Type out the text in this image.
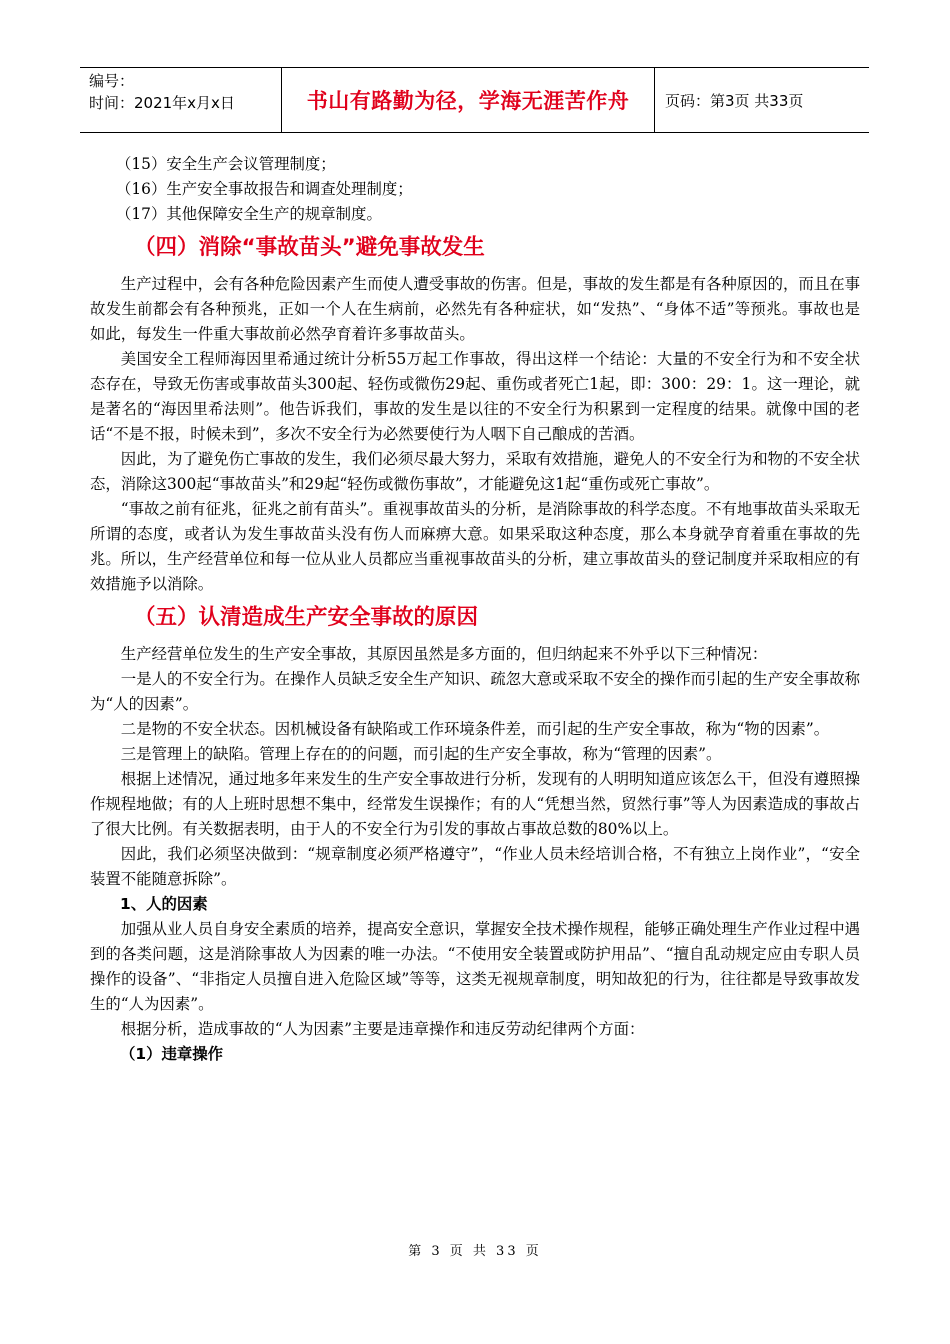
编号：
时间：2021年x月x日	书山有路勤为径，学海无涯苦作舟	页码：第3页 共33页

（15）安全生产会议管理制度；

（16）生产安全事故报告和调查处理制度；

（17）其他保障安全生产的规章制度。

（四）消除“事故苗头”避免事故发生

生产过程中，会有各种危险因素产生而使人遭受事故的伤害。但是，事故的发生都是有各种原因的，而且在事故发生前都会有各种预兆，正如一个人在生病前，必然先有各种症状，如“发热”、“身体不适”等预兆。事故也是如此，每发生一件重大事故前必然孕育着许多事故苗头。

美国安全工程师海因里希通过统计分析55万起工作事故，得出这样一个结论：大量的不安全行为和不安全状态存在，导致无伤害或事故苗头300起、轻伤或微伤29起、重伤或者死亡1起，即：300：29：1。这一理论，就是著名的“海因里希法则”。他告诉我们，事故的发生是以往的不安全行为积累到一定程度的结果。就像中国的老话“不是不报，时候未到”，多次不安全行为必然要使行为人咽下自己酿成的苦酒。

因此，为了避免伤亡事故的发生，我们必须尽最大努力，采取有效措施，避免人的不安全行为和物的不安全状态，消除这300起“事故苗头”和29起“轻伤或微伤事故”，才能避免这1起“重伤或死亡事故”。

“事故之前有征兆，征兆之前有苗头”。重视事故苗头的分析，是消除事故的科学态度。不有地事故苗头采取无所谓的态度，或者认为发生事故苗头没有伤人而麻痹大意。如果采取这种态度，那么本身就孕育着重在事故的先兆。所以，生产经营单位和每一位从业人员都应当重视事故苗头的分析，建立事故苗头的登记制度并采取相应的有效措施予以消除。

（五）认清造成生产安全事故的原因

生产经营单位发生的生产安全事故，其原因虽然是多方面的，但归纳起来不外乎以下三种情况：

一是人的不安全行为。在操作人员缺乏安全生产知识、疏忽大意或采取不安全的操作而引起的生产安全事故称为“人的因素”。

二是物的不安全状态。因机械设备有缺陷或工作环境条件差，而引起的生产安全事故，称为“物的因素”。

三是管理上的缺陷。管理上存在的的问题，而引起的生产安全事故，称为“管理的因素”。

根据上述情况，通过地多年来发生的生产安全事故进行分析，发现有的人明明知道应该怎么干，但没有遵照操作规程地做；有的人上班时思想不集中，经常发生误操作；有的人“凭想当然，贸然行事”等人为因素造成的事故占了很大比例。有关数据表明，由于人的不安全行为引发的事故占事故总数的80%以上。

因此，我们必须坚决做到：“规章制度必须严格遵守”，“作业人员未经培训合格，不有独立上岗作业”，“安全装置不能随意拆除”。

1、人的因素

加强从业人员自身安全素质的培养，提高安全意识，掌握安全技术操作规程，能够正确处理生产作业过程中遇到的各类问题，这是消除事故人为因素的唯一办法。“不使用安全装置或防护用品”、“擅自乱动规定应由专职人员操作的设备”、“非指定人员擅自进入危险区域”等等，这类无视规章制度，明知故犯的行为，往往都是导致事故发生的“人为因素”。

根据分析，造成事故的“人为因素”主要是违章操作和违反劳动纪律两个方面：

（1）违章操作
第 3 页 共 33 页
